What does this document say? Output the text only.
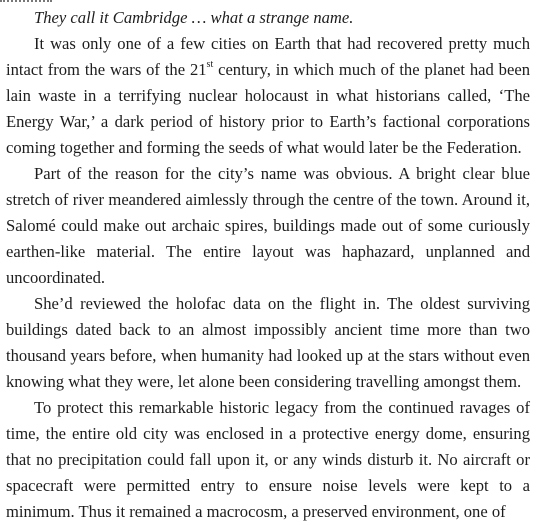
They call it Cambridge … what a strange name.

It was only one of a few cities on Earth that had recovered pretty much intact from the wars of the 21st century, in which much of the planet had been lain waste in a terrifying nuclear holocaust in what historians called, ‘The Energy War,’ a dark period of history prior to Earth’s factional corporations coming together and forming the seeds of what would later be the Federation.

Part of the reason for the city’s name was obvious. A bright clear blue stretch of river meandered aimlessly through the centre of the town. Around it, Salomé could make out archaic spires, buildings made out of some curiously earthen-like material. The entire layout was haphazard, unplanned and uncoordinated.

She’d reviewed the holofac data on the flight in. The oldest surviving buildings dated back to an almost impossibly ancient time more than two thousand years before, when humanity had looked up at the stars without even knowing what they were, let alone been considering travelling amongst them.

To protect this remarkable historic legacy from the continued ravages of time, the entire old city was enclosed in a protective energy dome, ensuring that no precipitation could fall upon it, or any winds disturb it. No aircraft or spacecraft were permitted entry to ensure noise levels were kept to a minimum. Thus it remained a macrocosm, a preserved environment, one of
